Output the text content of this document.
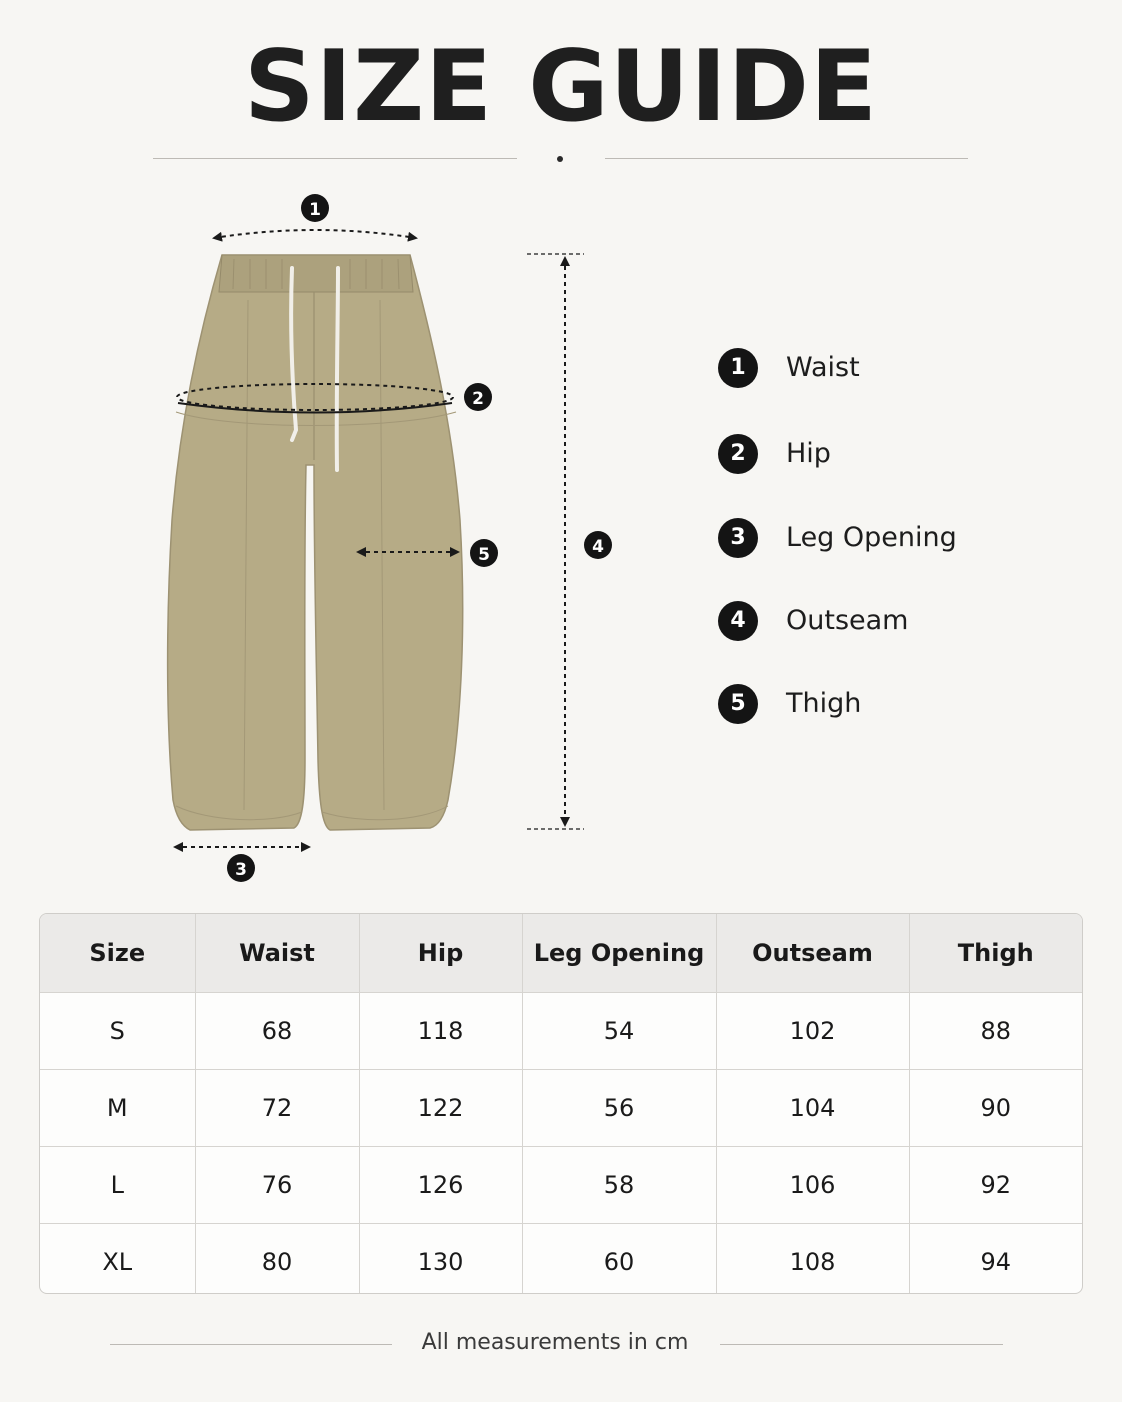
SIZE GUIDE
1
2
5	4
3
1	Waist
2	Hip
3	Leg Opening
4	Outseam
5	Thigh
Size	Waist	Hip	Leg Opening	Outseam	Thigh
S	68	118	54	102	88
M	72	122	56	104	90
L	76	126	58	106	92
XL	80	130	60	108	94
All measurements in cm
